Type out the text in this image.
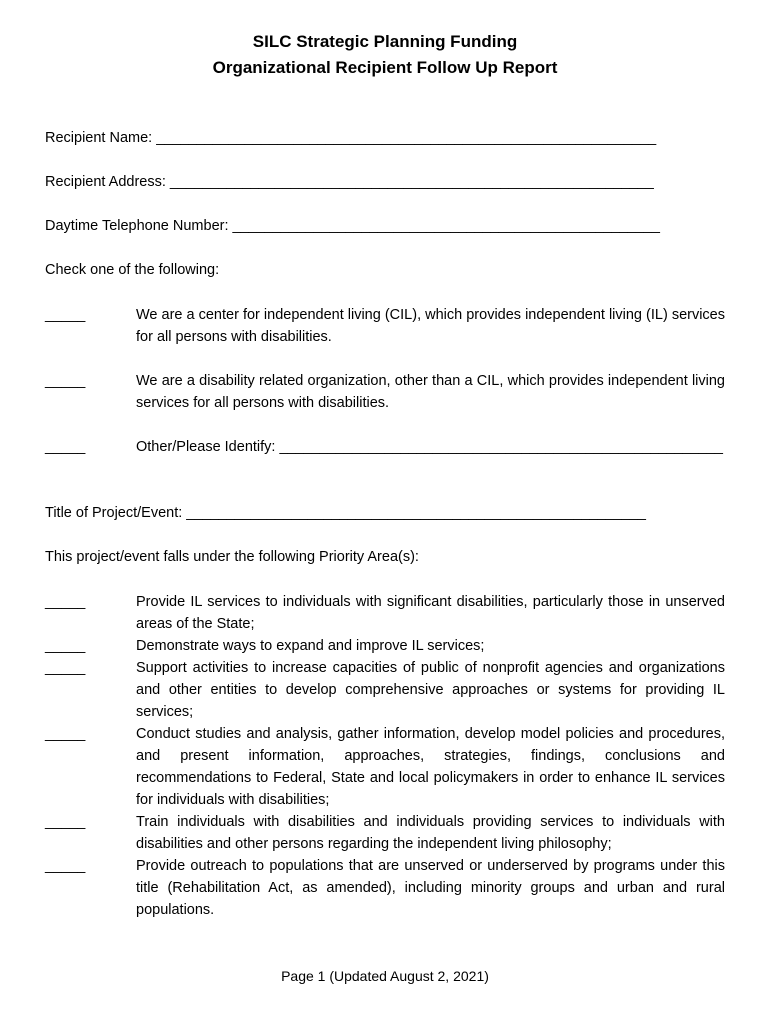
SILC Strategic Planning Funding
Organizational Recipient Follow Up Report
Recipient Name: ______________________________________________________________
Recipient Address: ____________________________________________________________
Daytime Telephone Number: _____________________________________________________
Check one of the following:
_____	We are a center for independent living (CIL), which provides independent living (IL) services for all persons with disabilities.
_____	We are a disability related organization, other than a CIL, which provides independent living services for all persons with disabilities.
_____	Other/Please Identify: _______________________________________________________
Title of Project/Event: _________________________________________________________
This project/event falls under the following Priority Area(s):
_____	Provide IL services to individuals with significant disabilities, particularly those in unserved areas of the State;
_____	Demonstrate ways to expand and improve IL services;
_____	Support activities to increase capacities of public of nonprofit agencies and organizations and other entities to develop comprehensive approaches or systems for providing IL services;
_____	Conduct studies and analysis, gather information, develop model policies and procedures, and present information, approaches, strategies, findings, conclusions and recommendations to Federal, State and local policymakers in order to enhance IL services for individuals with disabilities;
_____	Train individuals with disabilities and individuals providing services to individuals with disabilities and other persons regarding the independent living philosophy;
_____	Provide outreach to populations that are unserved or underserved by programs under this title (Rehabilitation Act, as amended), including minority groups and urban and rural populations.
Page 1 (Updated August 2, 2021)
